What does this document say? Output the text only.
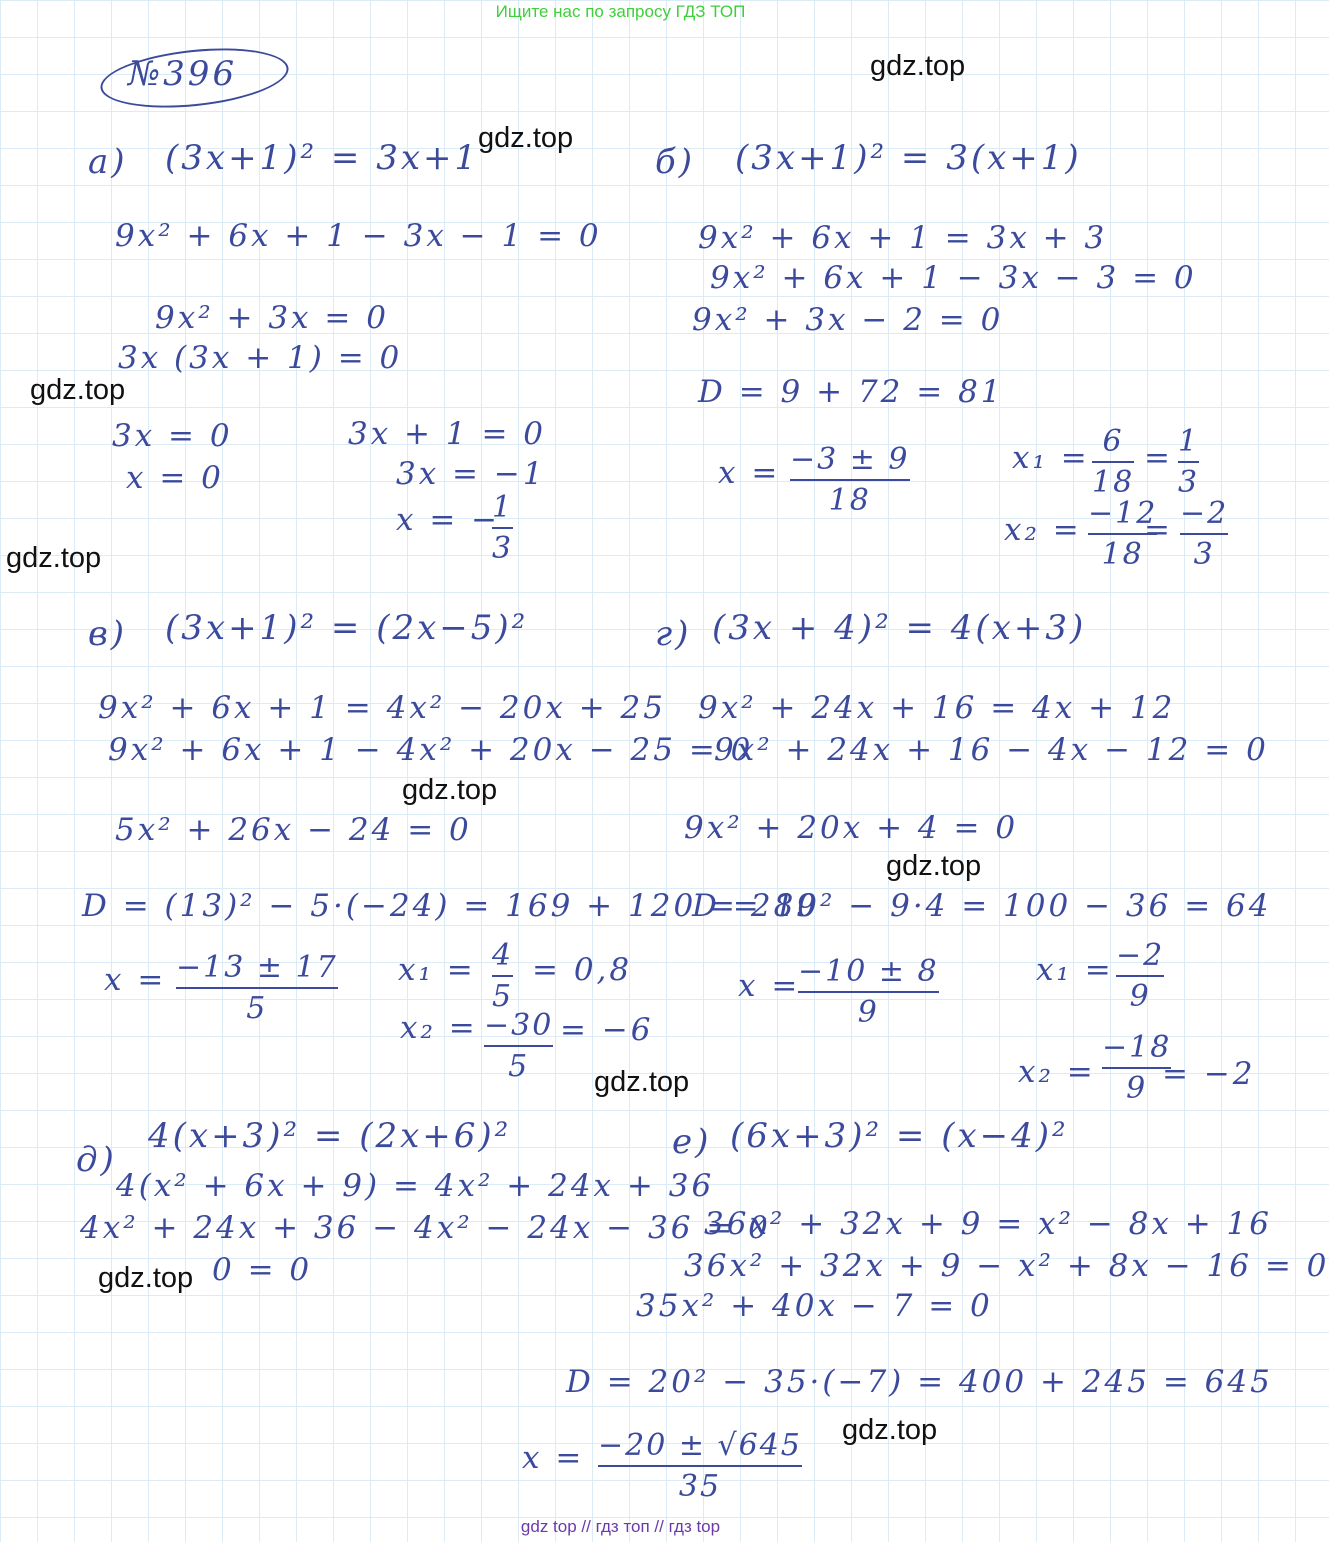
Ищите нас по запросу ГДЗ ТОП
№396	gdz.top
gdz.top
gdz.top
gdz.top
gdz.top
gdz.top
gdz.top
gdz.top
gdz.top
а) (3x+1)² = 3x+1
9x² + 6x + 1 − 3x − 1 = 0
9x² + 3x = 0
3x (3x + 1) = 0
3x = 0
x = 0
3x + 1 = 0
3x = −1
x = −
1
3
б) (3x+1)² = 3(x+1)
9x² + 6x + 1 = 3x + 3
9x² + 6x + 1 − 3x − 3 = 0
9x² + 3x − 2 = 0
D = 9 + 72 = 81
x = −3 ± 9
18
x₁ = 6
18
= 1
3
x₂ = −12
18
= −2
3
в) (3x+1)² = (2x−5)²
9x² + 6x + 1 = 4x² − 20x + 25
9x² + 6x + 1 − 4x² + 20x − 25 = 0
5x² + 26x − 24 = 0
D = (13)² − 5·(−24) = 169 + 120 = 289
x = −13 ± 17
5
x₁ = 4
5
= 0,8
x₂ = −30
5
= −6
г) (3x + 4)² = 4(x+3)
9x² + 24x + 16 = 4x + 12
9x² + 24x + 16 − 4x − 12 = 0
9x² + 20x + 4 = 0
D = 10² − 9·4 = 100 − 36 = 64
x =
−10 ± 8
9
x₁ = −2
9
x₂ =
−18
9 = −2
д)
4(x+3)² = (2x+6)²
4(x² + 6x + 9) = 4x² + 24x + 36
4x² + 24x + 36 − 4x² − 24x − 36 = 0
0 = 0
е) (6x+3)² = (x−4)²
36x² + 32x + 9 = x² − 8x + 16
36x² + 32x + 9 − x² + 8x − 16 = 0
35x² + 40x − 7 = 0
D = 20² − 35·(−7) = 400 + 245 = 645
x = −20 ± √645
35
gdz top // гдз топ // гдз top
